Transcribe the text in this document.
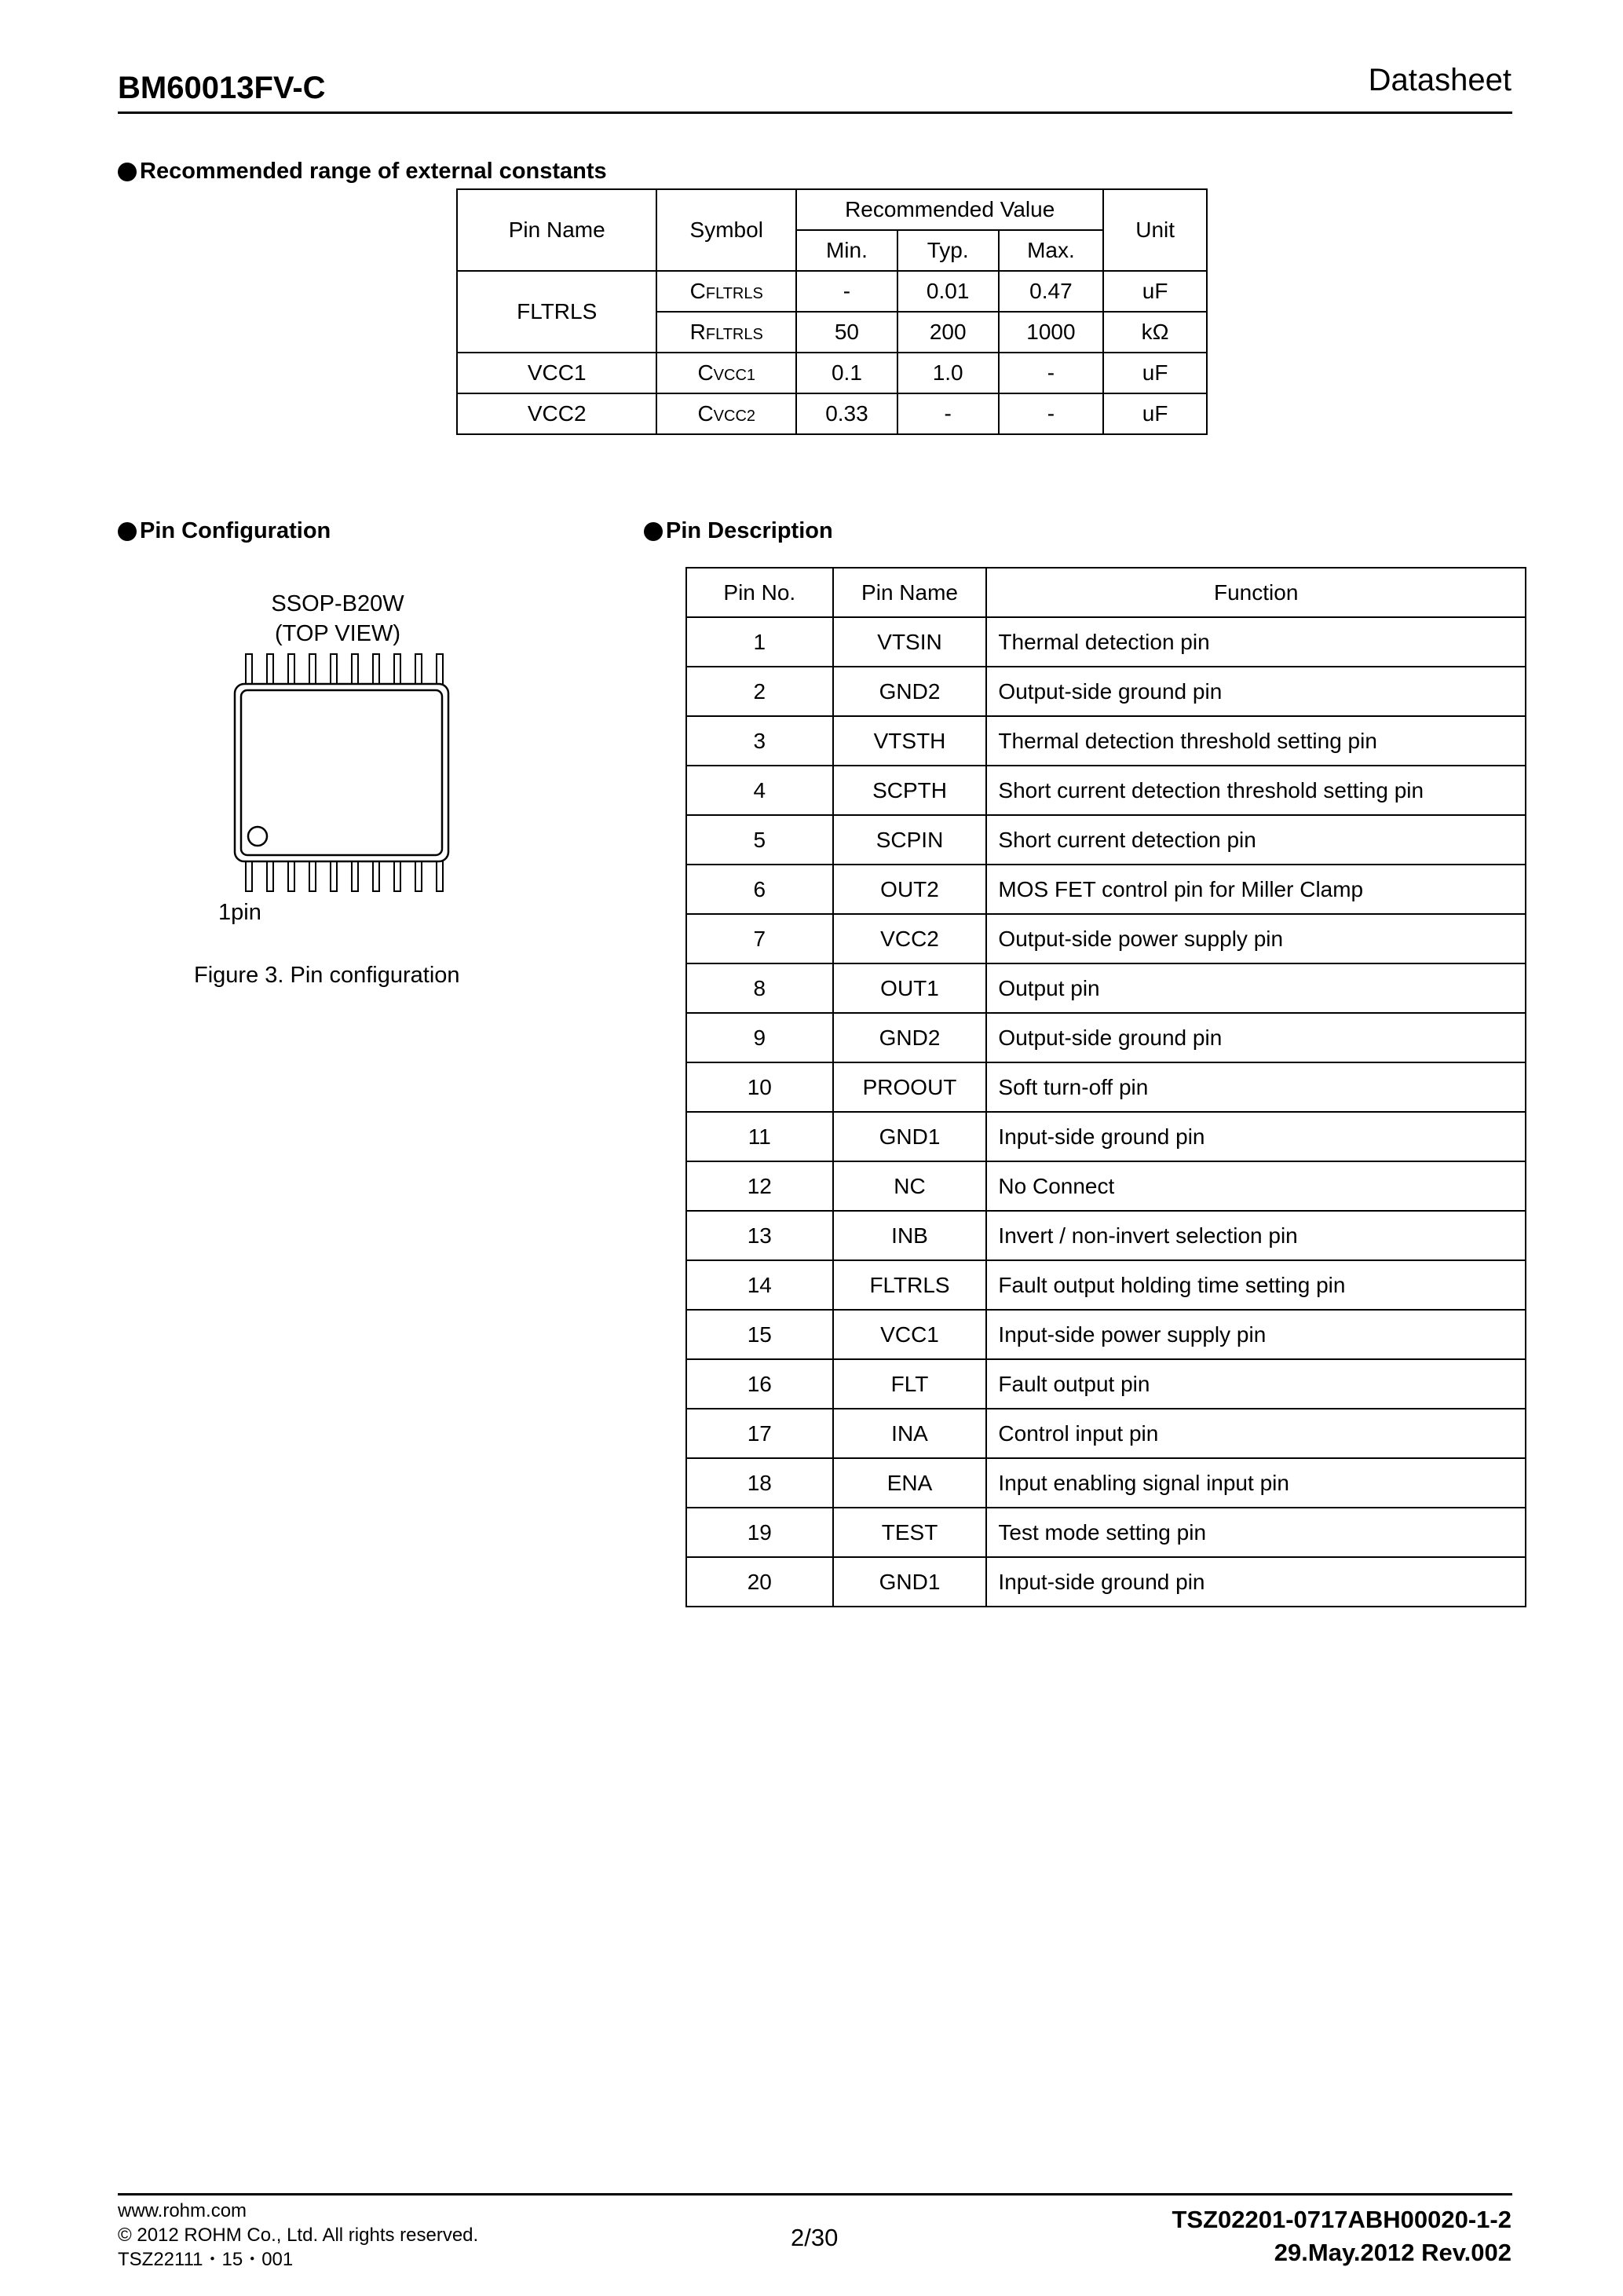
BM60013FV-C	Datasheet
Recommended range of external constants
Pin Name	Symbol	Recommended Value			Unit
		Min.	Typ.	Max.	
FLTRLS	CFLTRLS	-	0.01	0.47	uF
	RFLTRLS	50	200	1000	kΩ
VCC1	CVCC1	0.1	1.0	-	uF
VCC2	CVCC2	0.33	-	-	uF
Pin Configuration
SSOP-B20W
(TOP VIEW)
1pin
Figure 3. Pin configuration
Pin Description
Pin No.	Pin Name	Function
1	VTSIN	Thermal detection pin
2	GND2	Output-side ground pin
3	VTSTH	Thermal detection threshold setting pin
4	SCPTH	Short current detection threshold setting pin
5	SCPIN	Short current detection pin
6	OUT2	MOS FET control pin for Miller Clamp
7	VCC2	Output-side power supply pin
8	OUT1	Output pin
9	GND2	Output-side ground pin
10	PROOUT	Soft turn-off pin
11	GND1	Input-side ground pin
12	NC	No Connect
13	INB	Invert / non-invert selection pin
14	FLTRLS	Fault output holding time setting pin
15	VCC1	Input-side power supply pin
16	FLT	Fault output pin
17	INA	Control input pin
18	ENA	Input enabling signal input pin
19	TEST	Test mode setting pin
20	GND1	Input-side ground pin
www.rohm.com
© 2012 ROHM Co., Ltd. All rights reserved.
TSZ22111・15・001
2/30
TSZ02201-0717ABH00020-1-2
29.May.2012 Rev.002
